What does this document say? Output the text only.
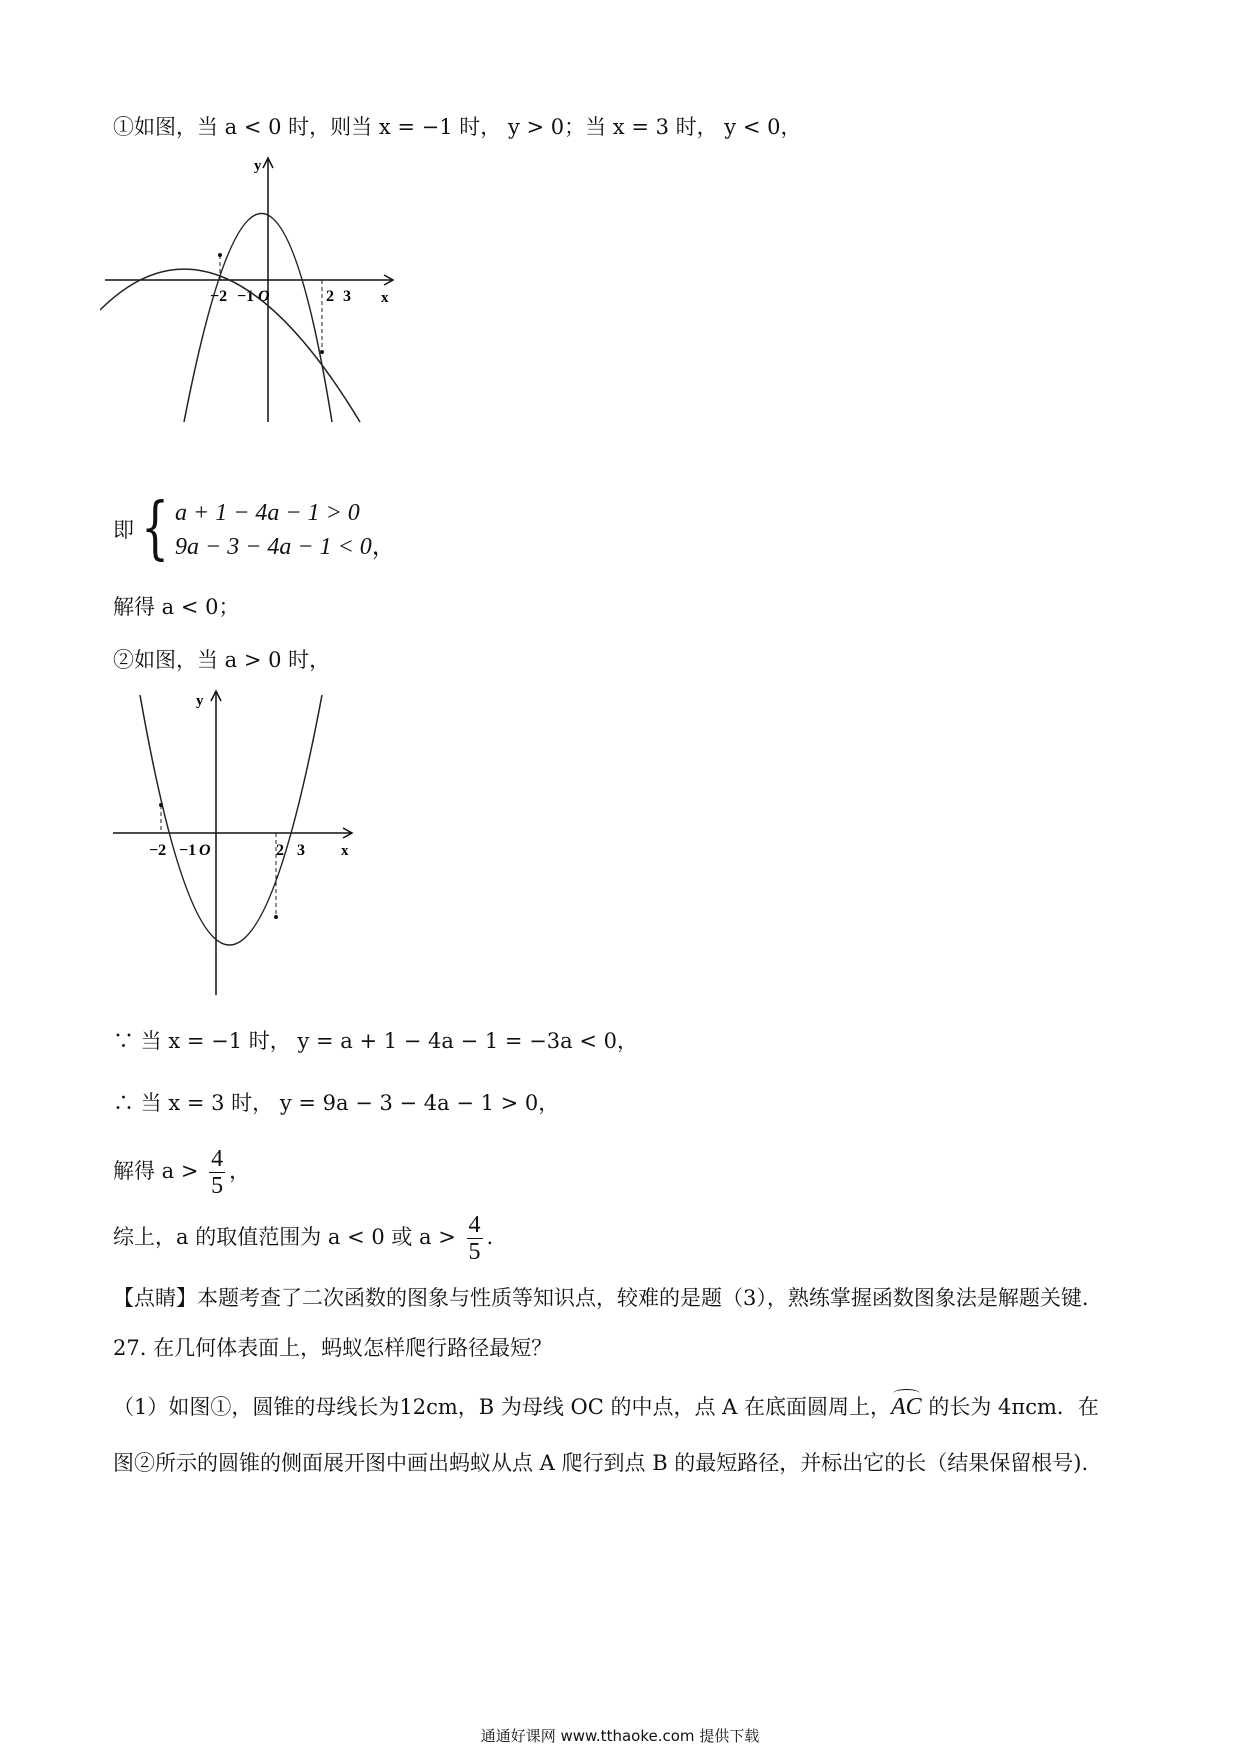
①如图，当 a < 0 时，则当 x = −1 时， y > 0；当 x = 3 时， y < 0，
y
x
−2 −1 O	2 3
即 { a + 1 − 4a − 1 > 0
9a − 3 − 4a − 1 < 0，
解得 a < 0；
②如图，当 a > 0 时，
y
x
−2 −1 O	2 3
∵ 当 x = −1 时， y = a + 1 − 4a − 1 = −3a < 0，
∴ 当 x = 3 时， y = 9a − 3 − 4a − 1 > 0，
解得 $a > \frac{4}{5}$ ，
综上，a 的取值范围为 a < 0 或 $a > \frac{4}{5}$ .
【点睛】本题考查了二次函数的图象与性质等知识点，较难的是题（3），熟练掌握函数图象法是解题关键.
27. 在几何体表面上，蚂蚁怎样爬行路径最短？
（1）如图①，圆锥的母线长为12cm，B 为母线 OC 的中点，点 A 在底面圆周上，AC 的长为 4πcm．在
图②所示的圆锥的侧面展开图中画出蚂蚁从点 A 爬行到点 B 的最短路径，并标出它的长（结果保留根号).
通通好课网 www.tthaoke.com 提供下载
